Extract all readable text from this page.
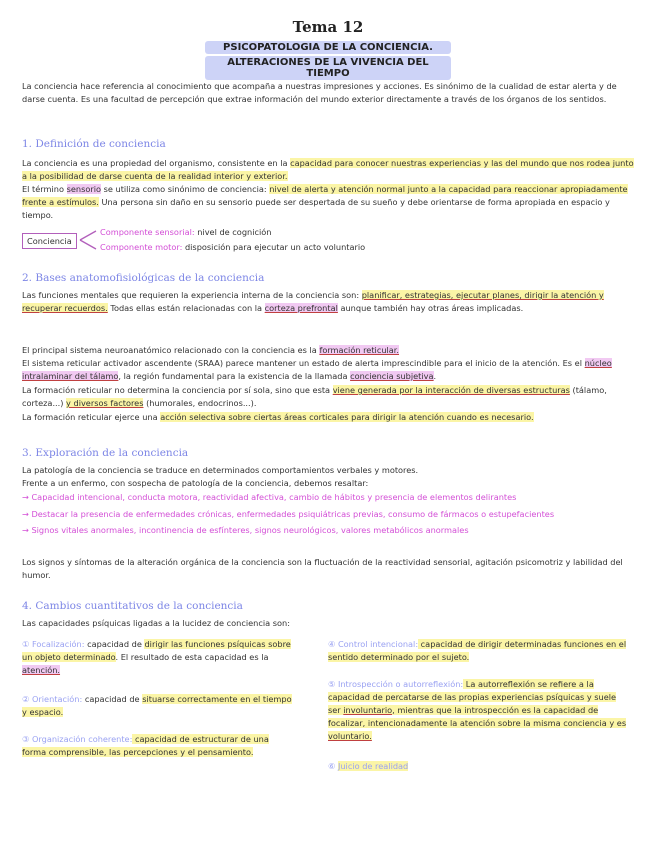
Tema 12
PSICOPATOLOGIA DE LA CONCIENCIA.
ALTERACIONES DE LA VIVENCIA DEL TIEMPO
La conciencia hace referencia al conocimiento que acompaña a nuestras impresiones y acciones. Es sinónimo de la cualidad de estar alerta y de darse cuenta. Es una facultad de percepción que extrae información del mundo exterior directamente a través de los órganos de los sentidos.
1. Definición de conciencia
La conciencia es una propiedad del organismo, consistente en la capacidad para conocer nuestras experiencias y las del mundo que nos rodea junto a la posibilidad de darse cuenta de la realidad interior y exterior.
El término sensorio se utiliza como sinónimo de conciencia: nivel de alerta y atención normal junto a la capacidad para reaccionar apropiadamente frente a estímulos. Una persona sin daño en su sensorio puede ser despertada de su sueño y debe orientarse de forma apropiada en espacio y tiempo.
Conciencia
Componente sensorial: nivel de cognición
Componente motor: disposición para ejecutar un acto voluntario
2. Bases anatomofisiológicas de la conciencia
Las funciones mentales que requieren la experiencia interna de la conciencia son: planificar, estrategias, ejecutar planes, dirigir la atención y recuperar recuerdos. Todas ellas están relacionadas con la corteza prefrontal aunque también hay otras áreas implicadas.
El principal sistema neuroanatómico relacionado con la conciencia es la formación reticular.
El sistema reticular activador ascendente (SRAA) parece mantener un estado de alerta imprescindible para el inicio de la atención. Es el núcleo intralaminar del tálamo, la región fundamental para la existencia de la llamada conciencia subjetiva.
La formación reticular no determina la conciencia por sí sola, sino que esta viene generada por la interacción de diversas estructuras (tálamo, corteza...) y diversos factores (humorales, endocrinos...).
La formación reticular ejerce una acción selectiva sobre ciertas áreas corticales para dirigir la atención cuando es necesario.
3. Exploración de la conciencia
La patología de la conciencia se traduce en determinados comportamientos verbales y motores.
Frente a un enfermo, con sospecha de patología de la conciencia, debemos resaltar:
→ Capacidad intencional, conducta motora, reactividad afectiva, cambio de hábitos y presencia de elementos delirantes
→ Destacar la presencia de enfermedades crónicas, enfermedades psiquiátricas previas, consumo de fármacos o estupefacientes
→ Signos vitales anormales, incontinencia de esfínteres, signos neurológicos, valores metabólicos anormales
Los signos y síntomas de la alteración orgánica de la conciencia son la fluctuación de la reactividad sensorial, agitación psicomotriz y labilidad del humor.
4. Cambios cuantitativos de la conciencia
Las capacidades psíquicas ligadas a la lucidez de conciencia son:
① Focalización: capacidad de dirigir las funciones psíquicas sobre un objeto determinado. El resultado de esta capacidad es la atención.
② Orientación: capacidad de situarse correctamente en el tiempo y espacio.
③ Organización coherente: capacidad de estructurar de una forma comprensible, las percepciones y el pensamiento.
④ Control intencional: capacidad de dirigir determinadas funciones en el sentido determinado por el sujeto.
⑤ Introspección o autorreflexión: La autorreflexión se refiere a la capacidad de percatarse de las propias experiencias psíquicas y suele ser involuntario, mientras que la introspección es la capacidad de focalizar, intencionadamente la atención sobre la misma conciencia y es voluntario.
⑥ Juicio de realidad
